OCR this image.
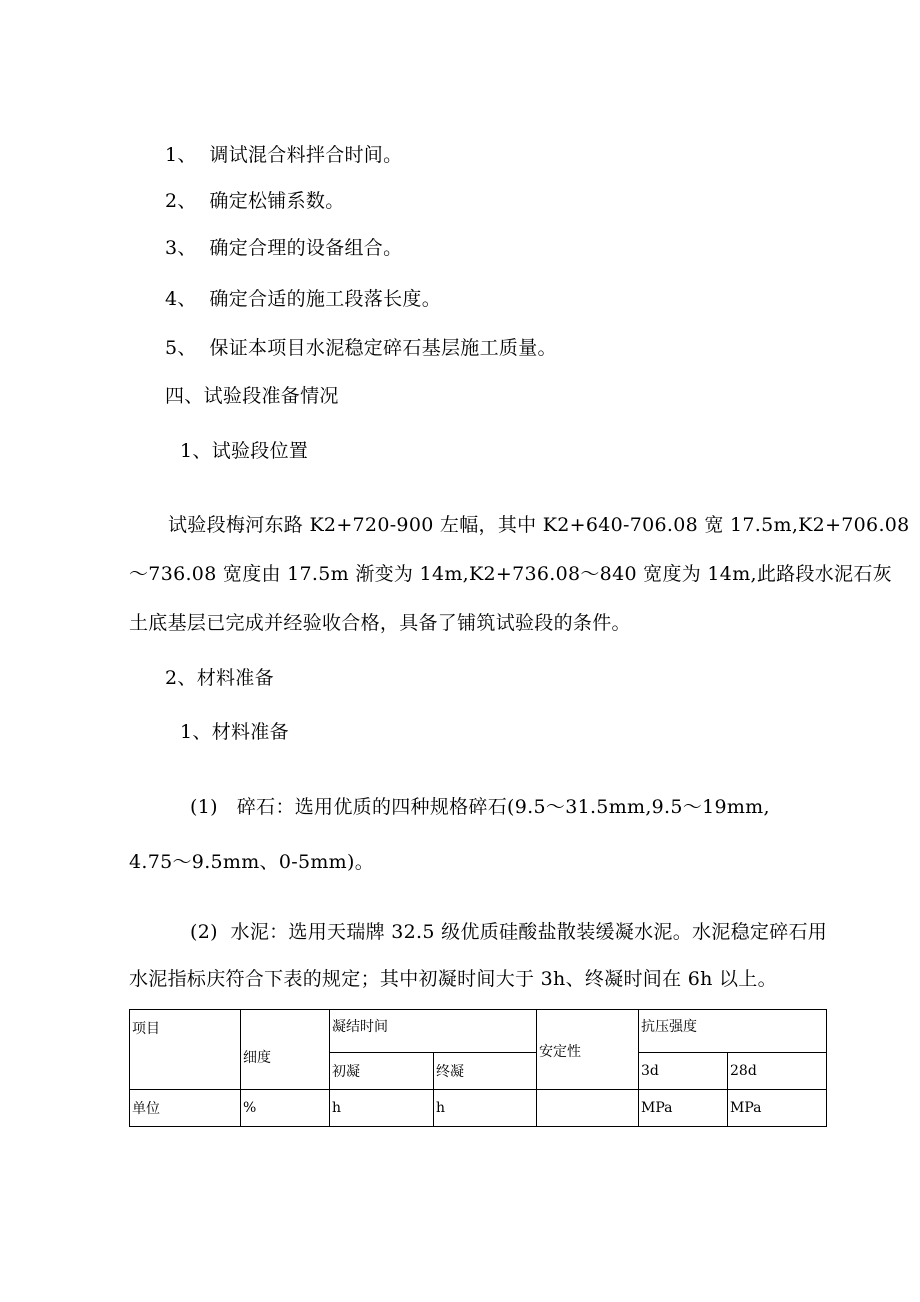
1、 调试混合料拌合时间。
2、 确定松铺系数。
3、 确定合理的设备组合。
4、 确定合适的施工段落长度。
5、 保证本项目水泥稳定碎石基层施工质量。
四、试验段准备情况
1、试验段位置
试验段梅河东路 K2+720-900 左幅，其中 K2+640-706.08 宽 17.5m,K2+706.08
～736.08 宽度由 17.5m 渐变为 14m,K2+736.08～840 宽度为 14m,此路段水泥石灰
土底基层已完成并经验收合格，具备了铺筑试验段的条件。
2、材料准备
1、材料准备
(1) 碎石：选用优质的四种规格碎石(9.5～31.5mm,9.5～19mm,
4.75～9.5mm、0-5mm)。
(2) 水泥：选用天瑞牌 32.5 级优质硅酸盐散装缓凝水泥。水泥稳定碎石用
水泥指标庆符合下表的规定；其中初凝时间大于 3h、终凝时间在 6h 以上。
项目	细度	凝结时间		安定性	抗压强度	
		初凝	终凝		3d	28d
单位	%	h	h		MPa	MPa
